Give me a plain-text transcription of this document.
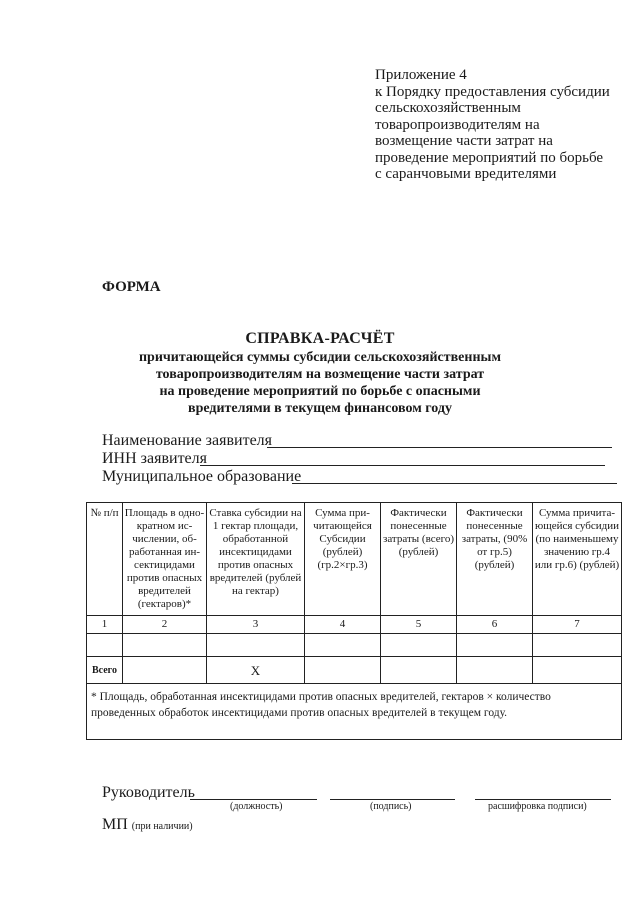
Приложение 4
к Порядку предоставления субсидии
сельскохозяйственным
товаропроизводителям на
возмещение части затрат на
проведение мероприятий по борьбе
с саранчовыми вредителями
ФОРМА
СПРАВКА-РАСЧЁТ
причитающейся суммы субсидии сельскохозяйственным
товаропроизводителям на возмещение части затрат
на проведение мероприятий по борьбе с опасными
вредителями в текущем финансовом году
Наименование заявителя
ИНН заявителя
Муниципальное образование
№ п/п	Площадь в однократном исчислении, обработанная инсектицидами против опасных вредителей (гектаров)*	Ставка субсидии на 1 гектар площади, обработанной инсектицидами против опасных вредителей (рублей на гектар)	Сумма причитающейся Субсидии (рублей) (гр.2×гр.3)	Фактически понесенные затраты (всего) (рублей)	Фактически понесенные затраты, (90% от гр.5) (рублей)	Сумма причитающейся субсидии (по наименьшему значению гр.4 или гр.6) (рублей)
1	2	3	4	5	6	7

Всего		Х				
* Площадь, обработанная инсектицидами против опасных вредителей, гектаров × количество проведенных обработок инсектицидами против опасных вредителей в текущем году.						
Руководитель
(должность)	(подпись)	расшифровка подписи)
МП (при наличии)
